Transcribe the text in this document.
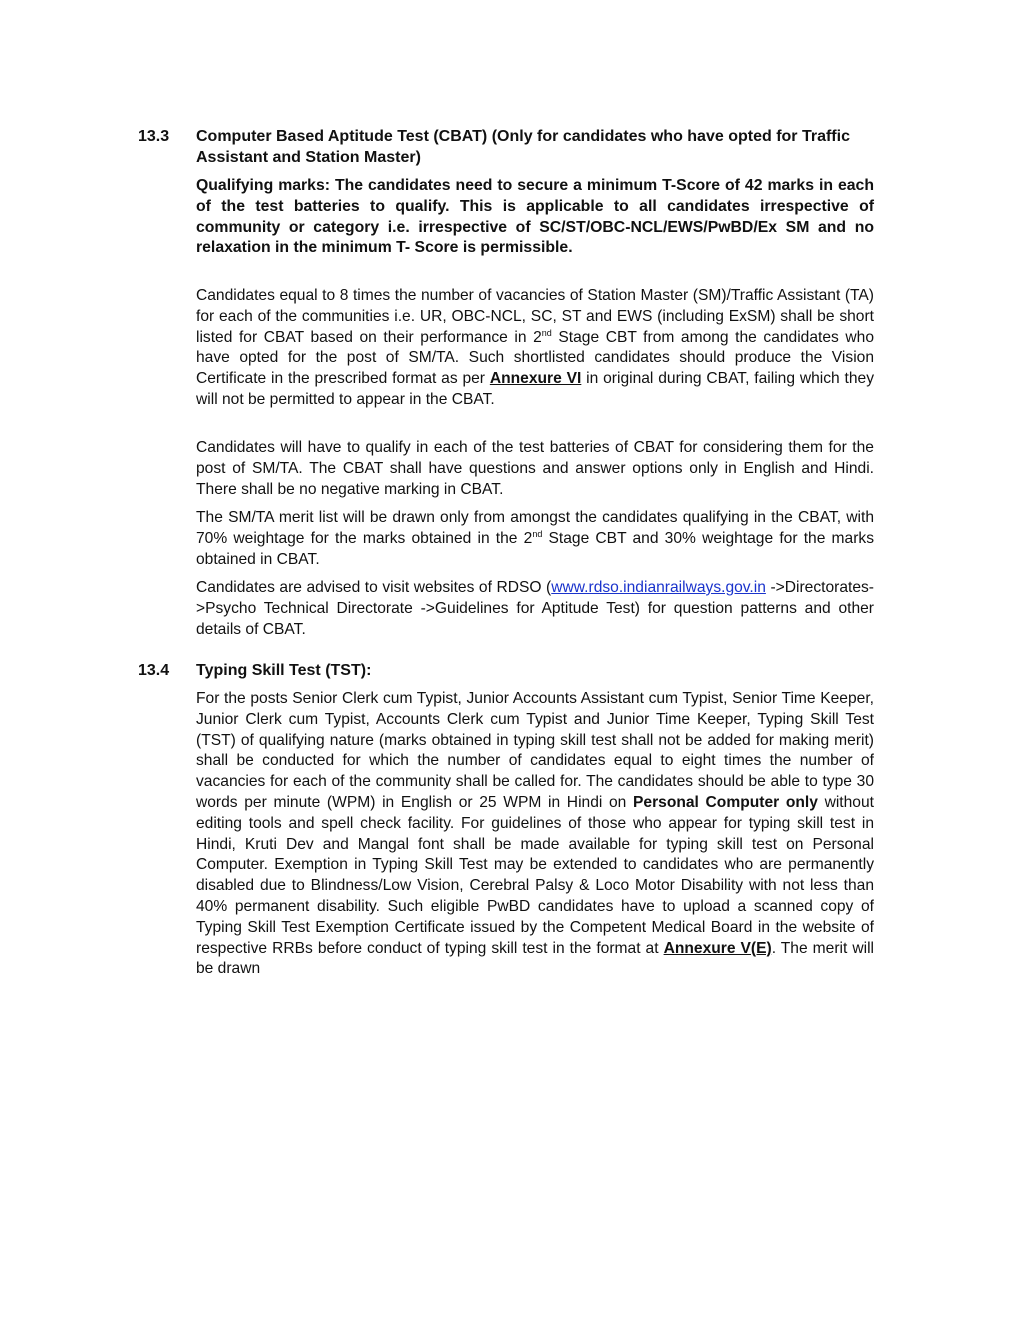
13.3 Computer Based Aptitude Test (CBAT) (Only for candidates who have opted for Traffic Assistant and Station Master)

Qualifying marks: The candidates need to secure a minimum T-Score of 42 marks in each of the test batteries to qualify. This is applicable to all candidates irrespective of community or category i.e. irrespective of SC/ST/OBC-NCL/EWS/PwBD/Ex SM and no relaxation in the minimum T- Score is permissible.

Candidates equal to 8 times the number of vacancies of Station Master (SM)/Traffic Assistant (TA) for each of the communities i.e. UR, OBC-NCL, SC, ST and EWS (including ExSM) shall be short listed for CBAT based on their performance in 2nd Stage CBT from among the candidates who have opted for the post of SM/TA. Such shortlisted candidates should produce the Vision Certificate in the prescribed format as per Annexure VI in original during CBAT, failing which they will not be permitted to appear in the CBAT.

Candidates will have to qualify in each of the test batteries of CBAT for considering them for the post of SM/TA. The CBAT shall have questions and answer options only in English and Hindi. There shall be no negative marking in CBAT.

The SM/TA merit list will be drawn only from amongst the candidates qualifying in the CBAT, with 70% weightage for the marks obtained in the 2nd Stage CBT and 30% weightage for the marks obtained in CBAT.

Candidates are advised to visit websites of RDSO (www.rdso.indianrailways.gov.in ->Directorates->Psycho Technical Directorate ->Guidelines for Aptitude Test) for question patterns and other details of CBAT.

13.4 Typing Skill Test (TST):

For the posts Senior Clerk cum Typist, Junior Accounts Assistant cum Typist, Senior Time Keeper, Junior Clerk cum Typist, Accounts Clerk cum Typist and Junior Time Keeper, Typing Skill Test (TST) of qualifying nature (marks obtained in typing skill test shall not be added for making merit) shall be conducted for which the number of candidates equal to eight times the number of vacancies for each of the community shall be called for. The candidates should be able to type 30 words per minute (WPM) in English or 25 WPM in Hindi on Personal Computer only without editing tools and spell check facility. For guidelines of those who appear for typing skill test in Hindi, Kruti Dev and Mangal font shall be made available for typing skill test on Personal Computer. Exemption in Typing Skill Test may be extended to candidates who are permanently disabled due to Blindness/Low Vision, Cerebral Palsy & Loco Motor Disability with not less than 40% permanent disability. Such eligible PwBD candidates have to upload a scanned copy of Typing Skill Test Exemption Certificate issued by the Competent Medical Board in the website of respective RRBs before conduct of typing skill test in the format at Annexure V(E). The merit will be drawn
